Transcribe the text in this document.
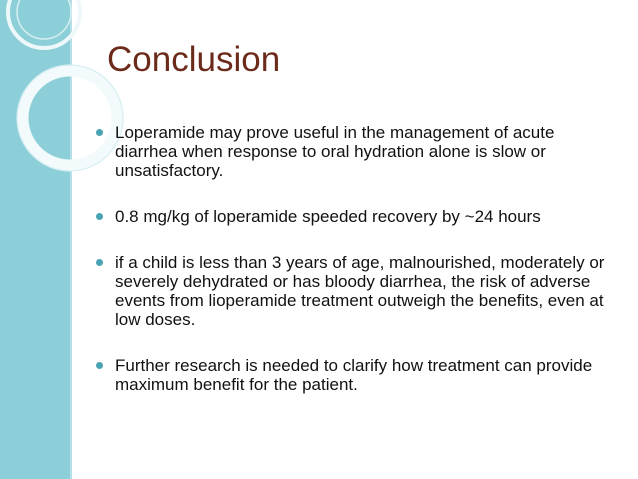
Conclusion
Loperamide may prove useful in the management of acute diarrhea when response to oral hydration alone is slow or unsatisfactory.
0.8 mg/kg of loperamide speeded recovery by ~24 hours
if a child is less than 3 years of age, malnourished, moderately or severely dehydrated or has bloody diarrhea, the risk of adverse events from lioperamide treatment outweigh the benefits, even at low doses.
Further research is needed to clarify how treatment can provide maximum benefit for the patient.
